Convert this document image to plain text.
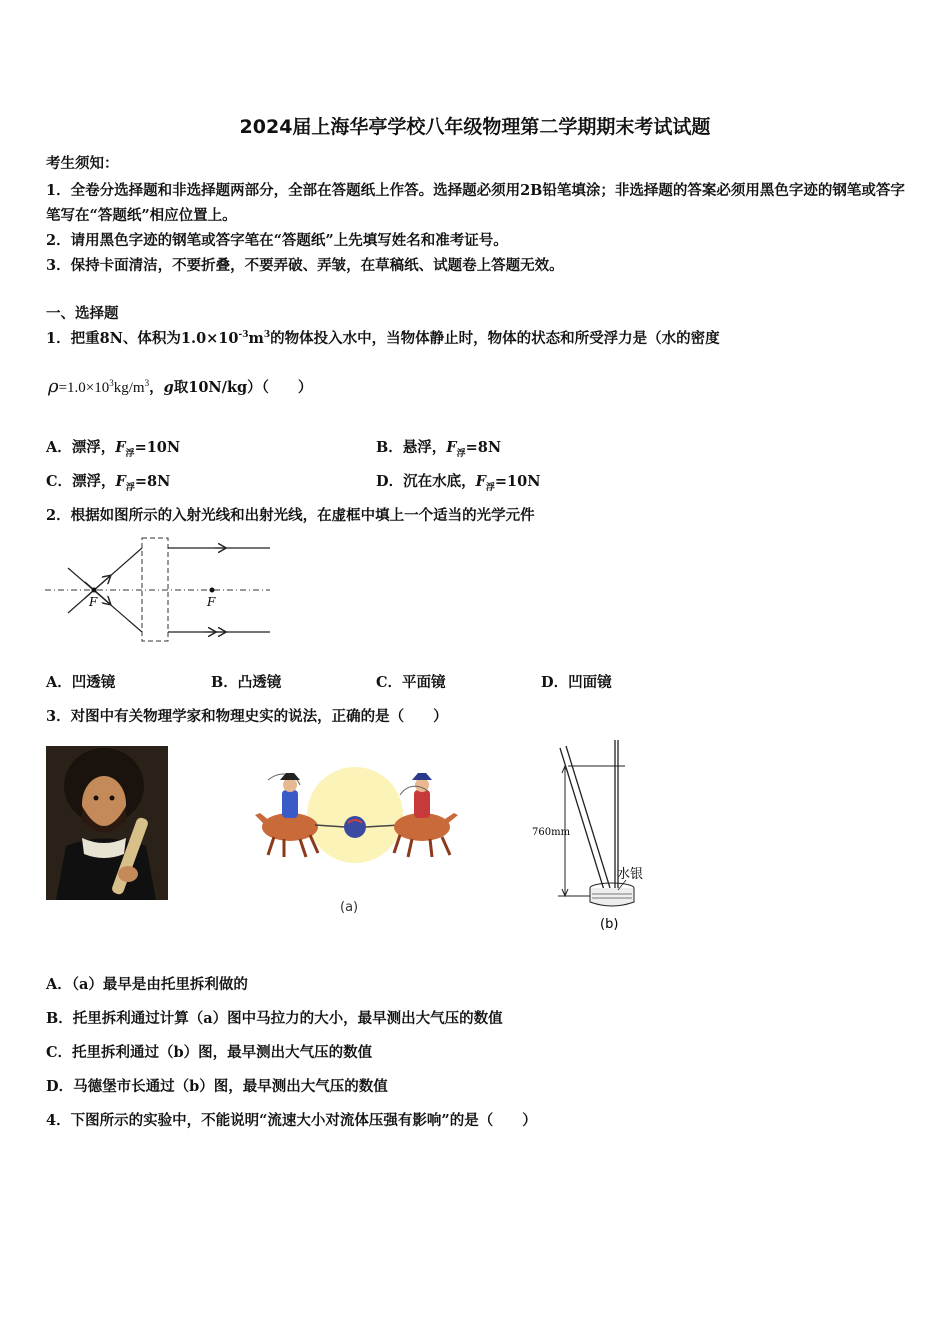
2024届上海华亭学校八年级物理第二学期期末考试试题
考生须知：
1．全卷分选择题和非选择题两部分，全部在答题纸上作答。选择题必须用2B铅笔填涂；非选择题的答案必须用黑色字迹的钢笔或答字笔写在“答题纸”相应位置上。
2．请用黑色字迹的钢笔或答字笔在“答题纸”上先填写姓名和准考证号。
3．保持卡面清洁，不要折叠，不要弄破、弄皱，在草稿纸、试题卷上答题无效。
一、选择题
1．把重8N、体积为$1.0\times 10^{-3}m^3$的物体投入水中，当物体静止时，物体的状态和所受浮力是（水的密度
$\rho=1.0\times 10^3kg/m^3$，g取10N/kg）（　　）
A．漂浮，$F_浮=10N$	B．悬浮，$F_浮=8N$
C．漂浮，$F_浮=8N$	D．沉在水底，$F_浮=10N$
2．根据如图所示的入射光线和出射光线，在虚框中填上一个适当的光学元件
F	F
A．凹透镜	B．凸透镜	C．平面镜	D．凹面镜
3．对图中有关物理学家和物理史实的说法，正确的是（　　）
(a)
760mm
水银
(b)
A．（a）最早是由托里拆利做的
B．托里拆利通过计算（a）图中马拉力的大小，最早测出大气压的数值
C．托里拆利通过（b）图，最早测出大气压的数值
D．马德堡市长通过（b）图，最早测出大气压的数值
4．下图所示的实验中，不能说明“流速大小对流体压强有影响”的是（　　）
